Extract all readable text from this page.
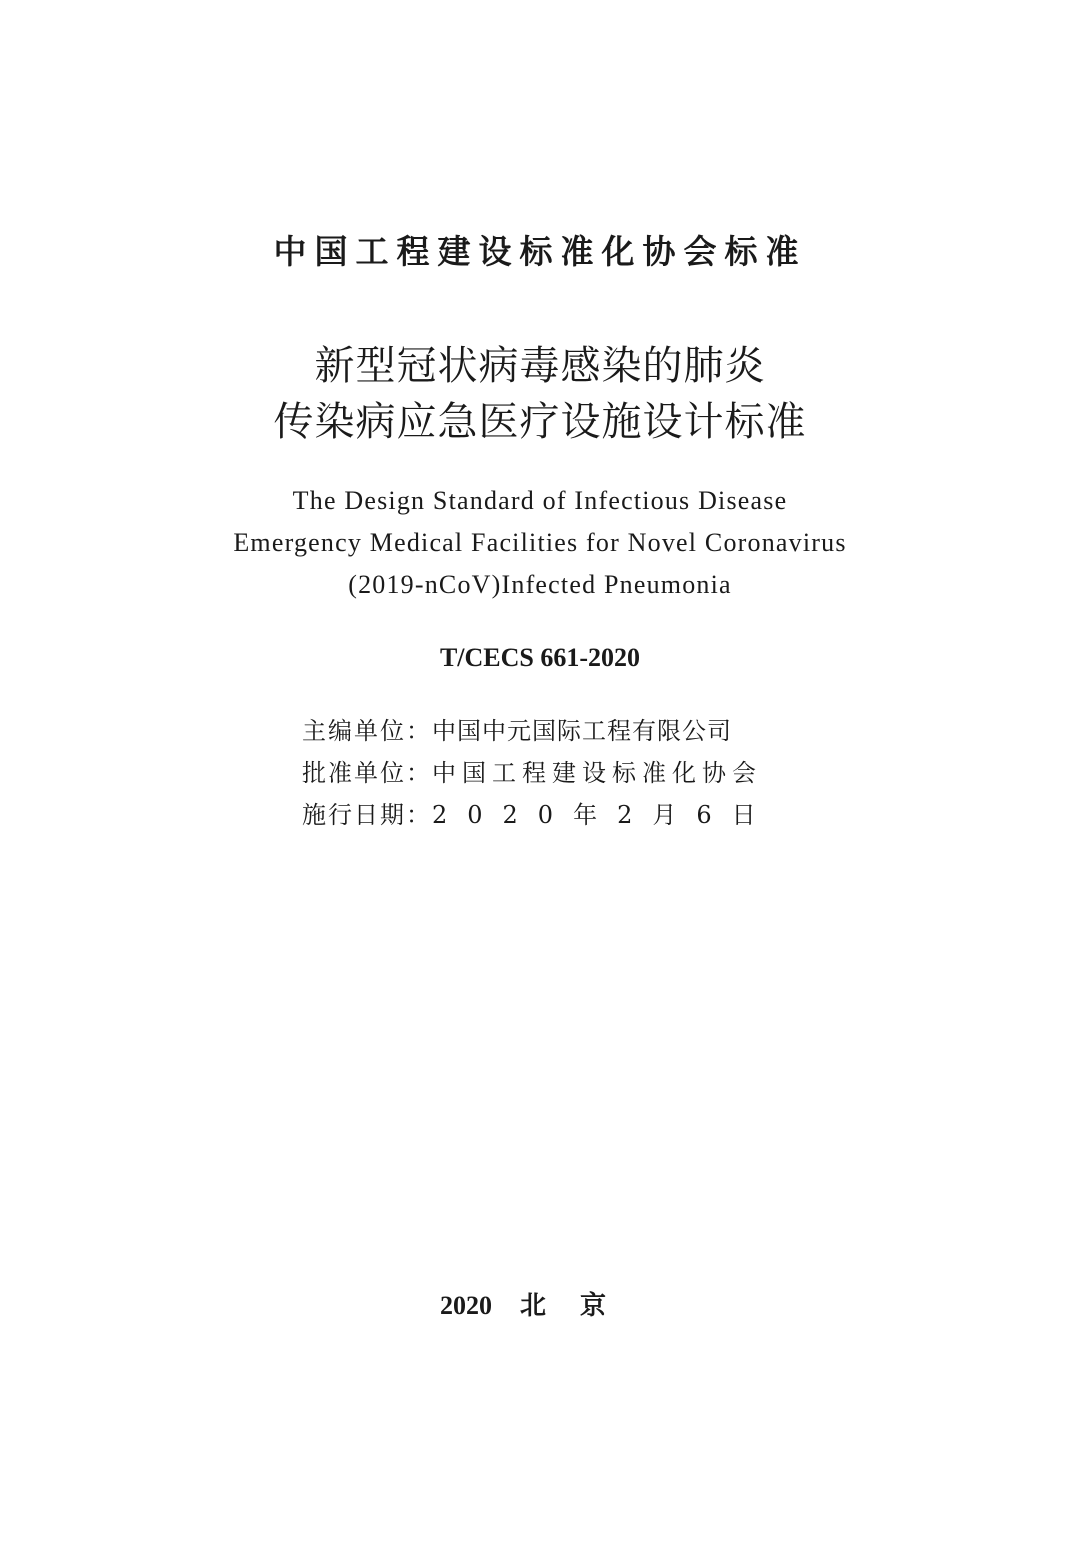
中国工程建设标准化协会标准
新型冠状病毒感染的肺炎
传染病应急医疗设施设计标准
The Design Standard of Infectious Disease
Emergency Medical Facilities for Novel Coronavirus
(2019-nCoV)Infected Pneumonia
T/CECS 661-2020
主编单位：中国中元国际工程有限公司
批准单位：中国工程建设标准化协会
施行日期：2020年2月6日
2020 北京
